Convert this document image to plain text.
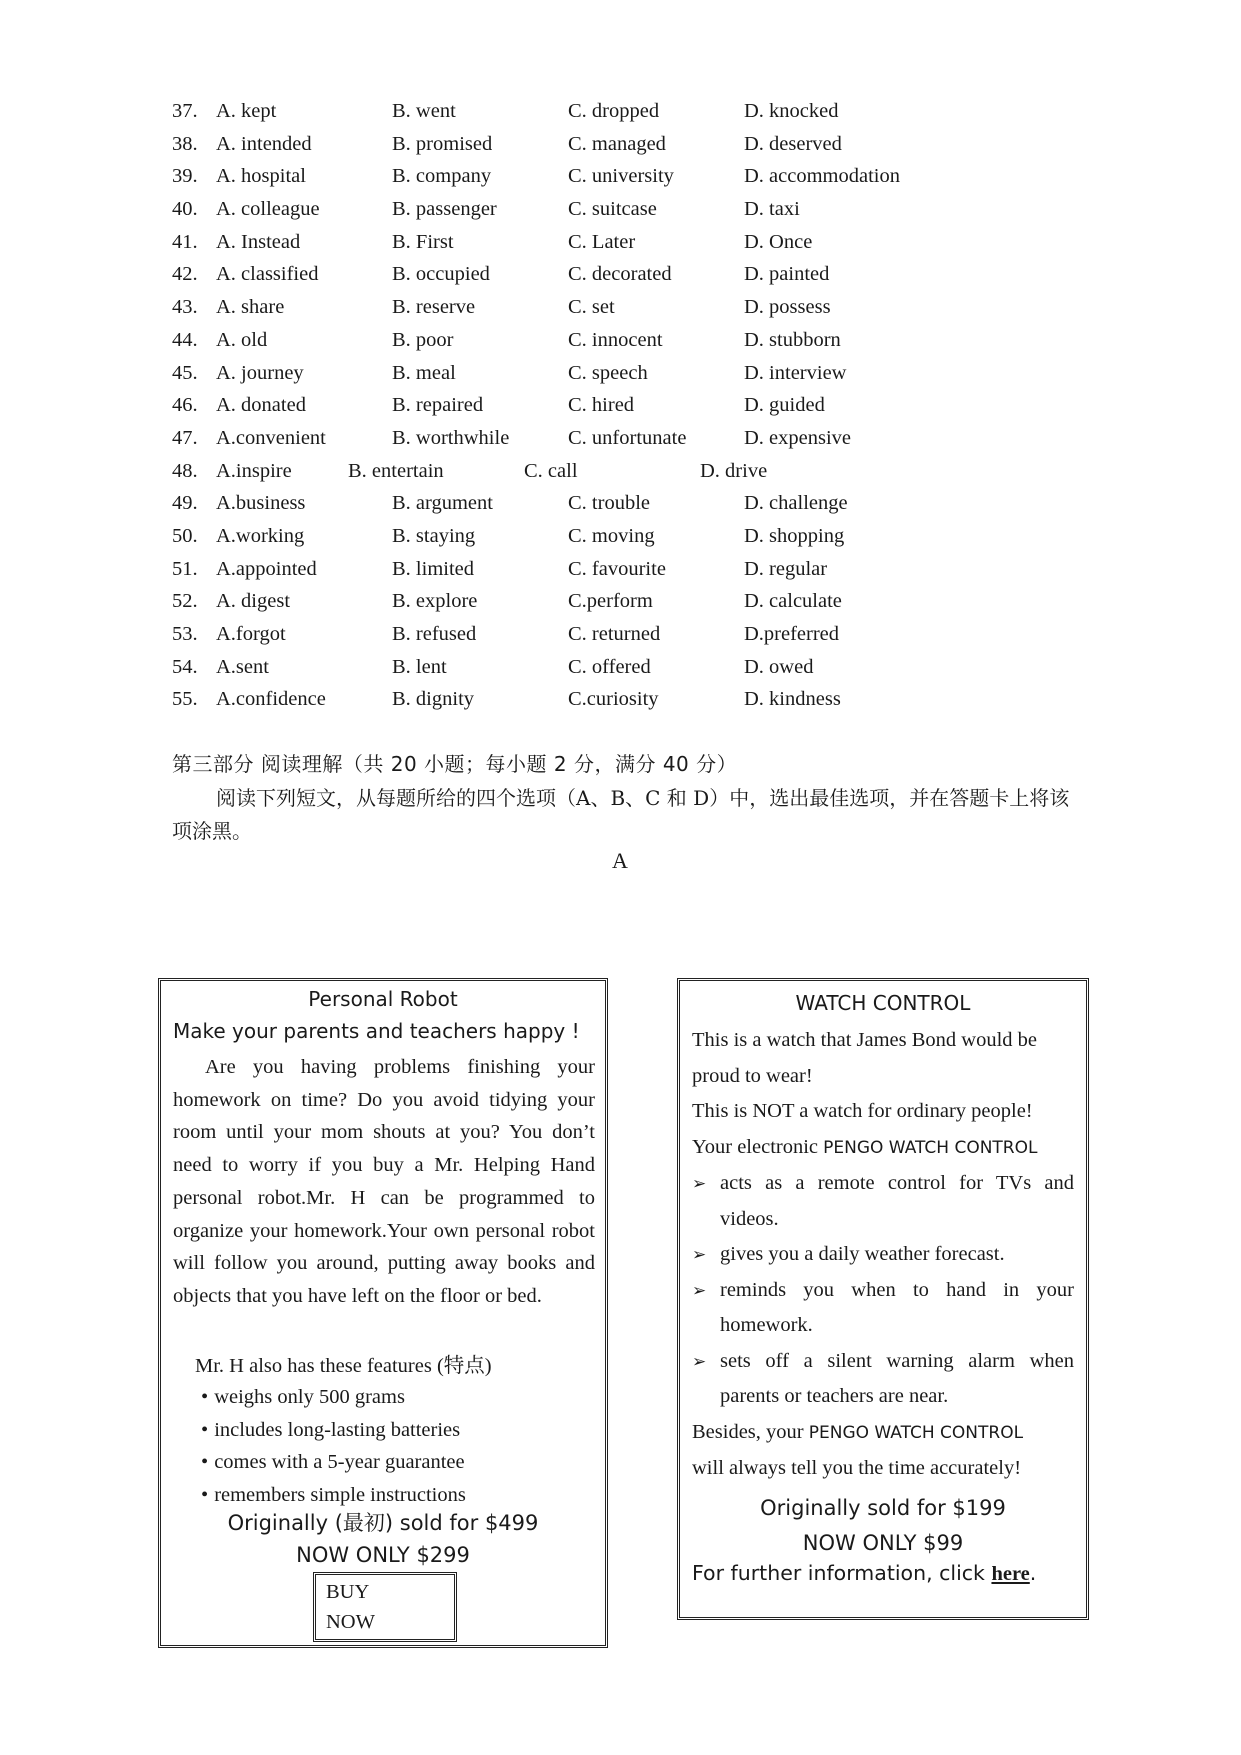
37. A. kept	B. went	C. dropped	D. knocked
38. A. intended	B. promised	C. managed	D. deserved
39. A. hospital	B. company	C. university	D. accommodation
40. A. colleague	B. passenger	C. suitcase	D. taxi
41. A. Instead	B. First	C. Later	D. Once
42. A. classified	B. occupied	C. decorated	D. painted
43. A. share	B. reserve	C. set	D. possess
44. A. old	B. poor	C. innocent	D. stubborn
45. A. journey	B. meal	C. speech	D. interview
46. A. donated	B. repaired	C. hired	D. guided
47. A.convenient	B. worthwhile	C. unfortunate	D. expensive
48. A.inspire	B. entertain	C. call	D. drive
49. A.business	B. argument	C. trouble	D. challenge
50. A.working	B. staying	C. moving	D. shopping
51. A.appointed	B. limited	C. favourite	D. regular
52. A. digest	B. explore	C.perform	D. calculate
53. A.forgot	B. refused	C. returned	D.preferred
54. A.sent	B. lent	C. offered	D. owed
55. A.confidence	B. dignity	C.curiosity	D. kindness
第三部分 阅读理解（共 20 小题；每小题 2 分，满分 40 分）
阅读下列短文，从每题所给的四个选项（A、B、C 和 D）中，选出最佳选项，并在答题卡上将该项涂黑。
A
Personal Robot
Make your parents and teachers happy !
Are you having problems finishing your homework on time? Do you avoid tidying your room until your mom shouts at you? You don’t need to worry if you buy a Mr. Helping Hand personal robot.Mr. H can be programmed to organize your homework.Your own personal robot will follow you around, putting away books and objects that you have left on the floor or bed.
Mr. H also has these features (特点)
• weighs only 500 grams
• includes long-lasting batteries
• comes with a 5-year guarantee
• remembers simple instructions
Originally (最初) sold for $499
NOW ONLY $299
BUY
NOW
WATCH CONTROL

This is a watch that James Bond would be proud to wear!

This is NOT a watch for ordinary people!

Your electronic PENGO WATCH CONTROL

➢ acts as a remote control for TVs and videos.
➢ gives you a daily weather forecast.
➢ reminds you when to hand in your homework.
➢ sets off a silent warning alarm when parents or teachers are near.

Besides, your PENGO WATCH CONTROL

will always tell you the time accurately!

Originally sold for $199
NOW ONLY $99
For further information, click here.
